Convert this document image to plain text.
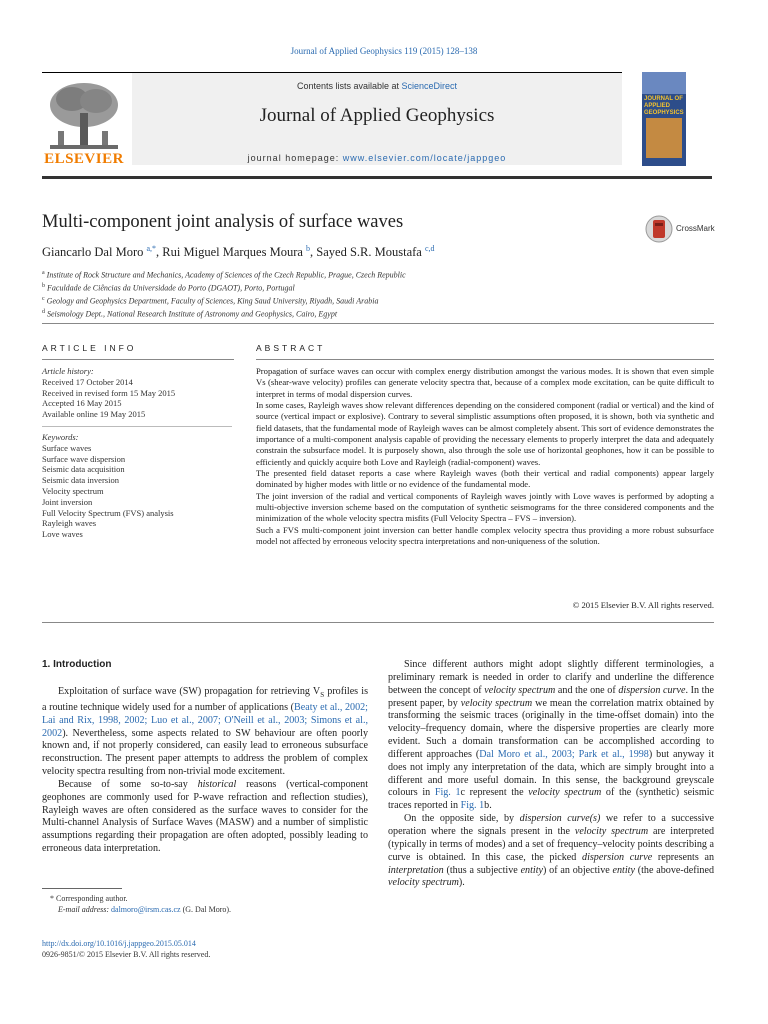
Journal of Applied Geophysics 119 (2015) 128–138
ELSEVIER
Contents lists available at ScienceDirect
Journal of Applied Geophysics
journal homepage: www.elsevier.com/locate/jappgeo
JOURNAL OF APPLIED GEOPHYSICS
Multi-component joint analysis of surface waves	CrossMark
Giancarlo Dal Moro $^{a,*}$, Rui Miguel Marques Moura $^b$, Sayed S.R. Moustafa $^{c,d}$
$^a$ Institute of Rock Structure and Mechanics, Academy of Sciences of the Czech Republic, Prague, Czech Republic
$^b$ Faculdade de Ciências da Universidade do Porto (DGAOT), Porto, Portugal
$^c$ Geology and Geophysics Department, Faculty of Sciences, King Saud University, Riyadh, Saudi Arabia
$^d$ Seismology Dept., National Research Institute of Astronomy and Geophysics, Cairo, Egypt
ARTICLE INFO	ABSTRACT
Article history:
Received 17 October 2014
Received in revised form 15 May 2015
Accepted 16 May 2015
Available online 19 May 2015
Keywords:
Surface waves
Surface wave dispersion
Seismic data acquisition
Seismic data inversion
Velocity spectrum
Joint inversion
Full Velocity Spectrum (FVS) analysis
Rayleigh waves
Love waves

Propagation of surface waves can occur with complex energy distribution amongst the various modes. It is shown that even simple Vs (shear-wave velocity) profiles can generate velocity spectra that, because of a complex mode excitation, can be quite difficult to interpret in terms of modal dispersion curves.

In some cases, Rayleigh waves show relevant differences depending on the considered component (radial or vertical) and the kind of source (vertical impact or explosive). Contrary to several simplistic assumptions often proposed, it is shown, both via synthetic and field datasets, that the fundamental mode of Rayleigh waves can be almost completely absent. This sort of evidence demonstrates the importance of a multi-component analysis capable of providing the necessary elements to properly interpret the data and adequately constrain the subsurface model. It is purposely shown, also through the sole use of horizontal geophones, how it can be possible to efficiently and quickly acquire both Love and Rayleigh (radial-component) waves.

The presented field dataset reports a case where Rayleigh waves (both their vertical and radial components) appear largely dominated by higher modes with little or no evidence of the fundamental mode.

The joint inversion of the radial and vertical components of Rayleigh waves jointly with Love waves is performed by adopting a multi-objective inversion scheme based on the computation of synthetic seismograms for the three considered components and the minimization of the whole velocity spectra misfits (Full Velocity Spectra – FVS – inversion).

Such a FVS multi-component joint inversion can better handle complex velocity spectra thus providing a more robust subsurface model not affected by erroneous velocity spectra interpretations and non-uniqueness of the solution.

© 2015 Elsevier B.V. All rights reserved.
1. Introduction

Exploitation of surface wave (SW) propagation for retrieving $V_S$ profiles is a routine technique widely used for a number of applications (Beaty et al., 2002; Lai and Rix, 1998, 2002; Luo et al., 2007; O'Neill et al., 2003; Simons et al., 2002). Nevertheless, some aspects related to SW behaviour are often poorly known and, if not properly considered, can easily lead to erroneous subsurface reconstruction. The present paper attempts to address the problem of complex velocity spectra resulting from non-trivial mode excitement.

Because of some so-to-say historical reasons (vertical-component geophones are commonly used for P-wave refraction and reflection studies), Rayleigh waves are often considered as the surface waves to consider for the Multi-channel Analysis of Surface Waves (MASW) and a number of simplistic assumptions regarding their propagation are often adopted, possibly leading to erroneous data interpretation.

Since different authors might adopt slightly different terminologies, a preliminary remark is needed in order to clarify and underline the difference between the concept of velocity spectrum and the one of dispersion curve. In the present paper, by velocity spectrum we mean the correlation matrix obtained by transforming the seismic traces (originally in the time-offset domain) into the velocity–frequency domain, where the dispersive properties are clearly more evident. Such a domain transformation can be accomplished according to different approaches (Dal Moro et al., 2003; Park et al., 1998) but anyway it does not imply any interpretation of the data, which are simply brought into a different and more useful domain. In this sense, the background greyscale colours in Fig. 1c represent the velocity spectrum of the (synthetic) seismic traces reported in Fig. 1b.

On the opposite side, by dispersion curve(s) we refer to a successive operation where the signals present in the velocity spectrum are interpreted (typically in terms of modes) and a set of frequency–velocity points describing a curve is obtained. In this case, the picked dispersion curve represents an interpretation (thus a subjective entity) of an objective entity (the above-defined velocity spectrum).

* Corresponding author.
E-mail address: dalmoro@irsm.cas.cz (G. Dal Moro).
http://dx.doi.org/10.1016/j.jappgeo.2015.05.014
0926-9851/© 2015 Elsevier B.V. All rights reserved.
